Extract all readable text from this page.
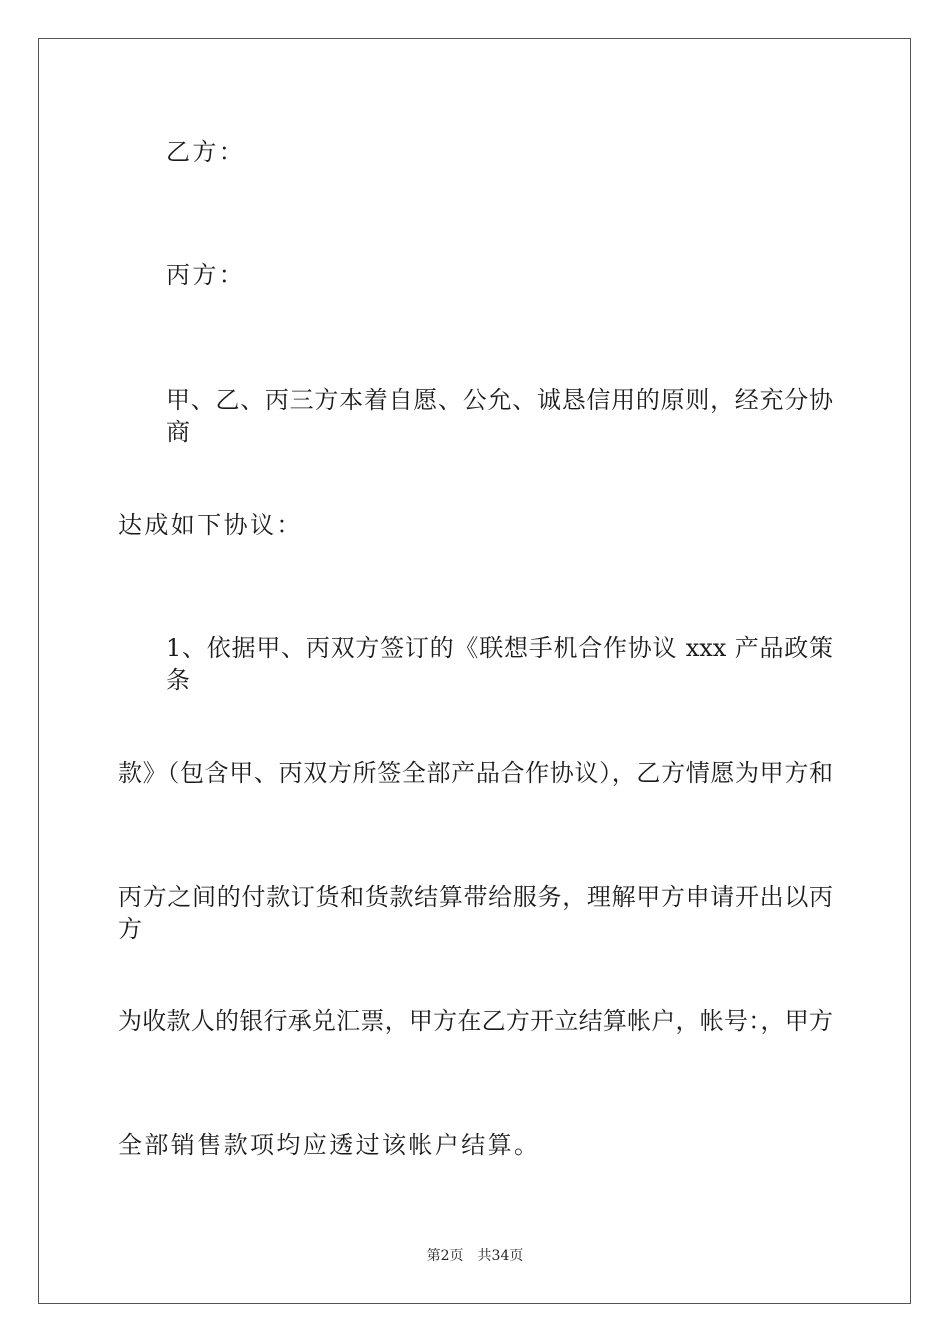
乙方：
丙方：
甲、乙、丙三方本着自愿、公允、诚恳信用的原则，经充分协商
达成如下协议：
1、依据甲、丙双方签订的《联想手机合作协议 xxx 产品政策条
款》（包含甲、丙双方所签全部产品合作协议），乙方情愿为甲方和
丙方之间的付款订货和货款结算带给服务，理解甲方申请开出以丙方
为收款人的银行承兑汇票，甲方在乙方开立结算帐户，帐号：，甲方
全部销售款项均应透过该帐户结算。
第2页 共34页
